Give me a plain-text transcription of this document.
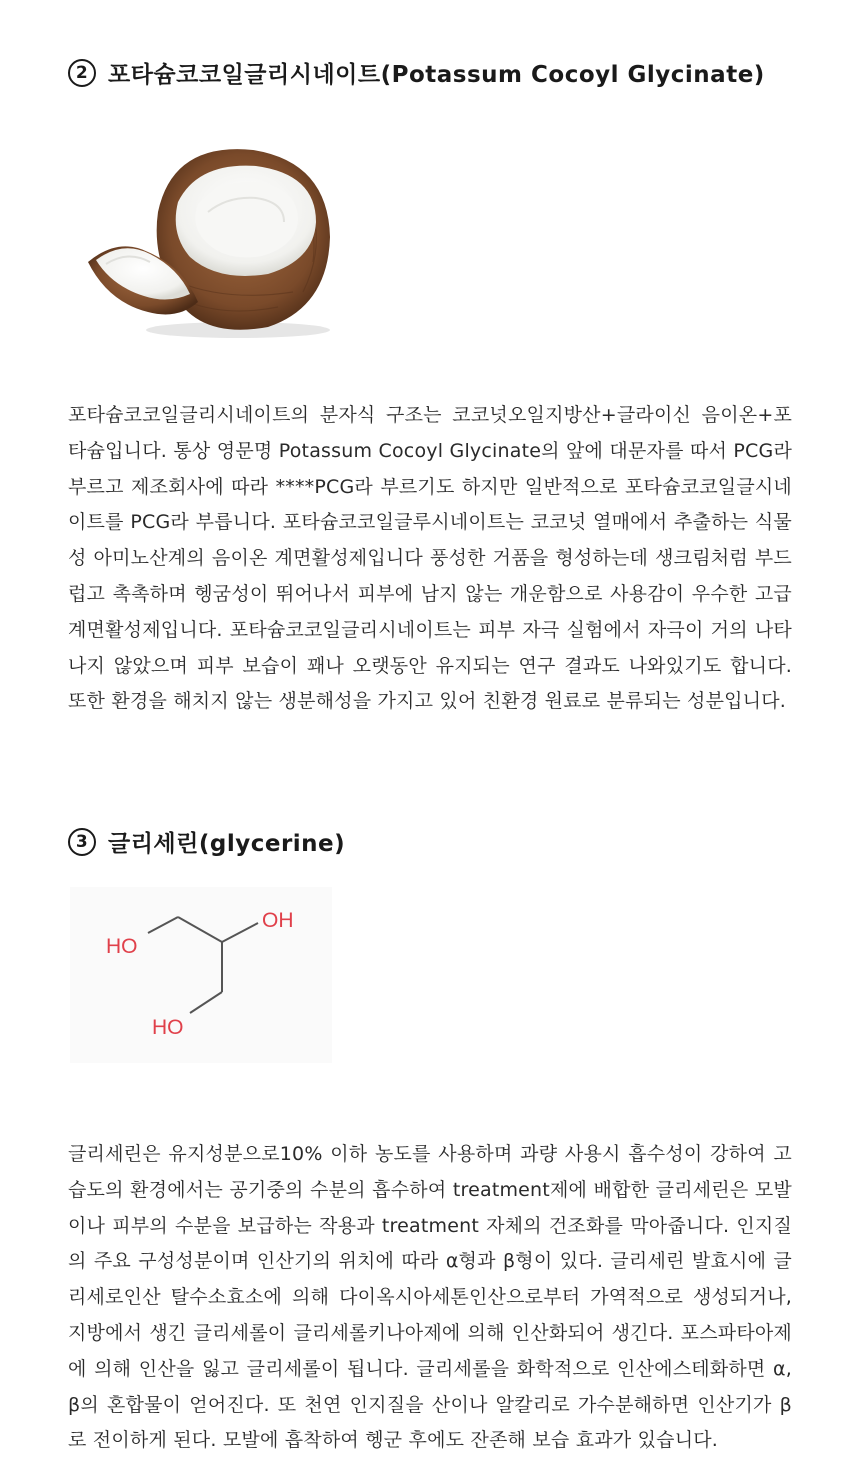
2 포타슘코코일글리시네이트(Potassum Cocoyl Glycinate)
포타슘코코일글리시네이트의 분자식 구조는 코코넛오일지방산+글라이신 음이온+포타슘입니다. 통상 영문명 Potassum Cocoyl Glycinate의 앞에 대문자를 따서 PCG라 부르고 제조회사에 따라 ****PCG라 부르기도 하지만 일반적으로 포타슘코코일글시네이트를 PCG라 부릅니다. 포타슘코코일글루시네이트는 코코넛 열매에서 추출하는 식물성 아미노산계의 음이온 계면활성제입니다 풍성한 거품을 형성하는데 생크림처럼 부드럽고 촉촉하며 헹굼성이 뛰어나서 피부에 남지 않는 개운함으로 사용감이 우수한 고급 계면활성제입니다. 포타슘코코일글리시네이트는 피부 자극 실험에서 자극이 거의 나타나지 않았으며 피부 보습이 꽤나 오랫동안 유지되는 연구 결과도 나와있기도 합니다. 또한 환경을 해치지 않는 생분해성을 가지고 있어 친환경 원료로 분류되는 성분입니다.
3 글리세린(glycerine)
HO
OH
HO
글리세린은 유지성분으로10% 이하 농도를 사용하며 과량 사용시 흡수성이 강하여 고습도의 환경에서는 공기중의 수분의 흡수하여 treatment제에 배합한 글리세린은 모발이나 피부의 수분을 보급하는 작용과 treatment 자체의 건조화를 막아줍니다. 인지질의 주요 구성성분이며 인산기의 위치에 따라 α형과 β형이 있다. 글리세린 발효시에 글리세로인산 탈수소효소에 의해 다이옥시아세톤인산으로부터 가역적으로 생성되거나, 지방에서 생긴 글리세롤이 글리세롤키나아제에 의해 인산화되어 생긴다. 포스파타아제에 의해 인산을 잃고 글리세롤이 됩니다. 글리세롤을 화학적으로 인산에스테화하면 α, β의 혼합물이 얻어진다. 또 천연 인지질을 산이나 알칼리로 가수분해하면 인산기가 β로 전이하게 된다. 모발에 흡착하여 헹군 후에도 잔존해 보습 효과가 있습니다.
